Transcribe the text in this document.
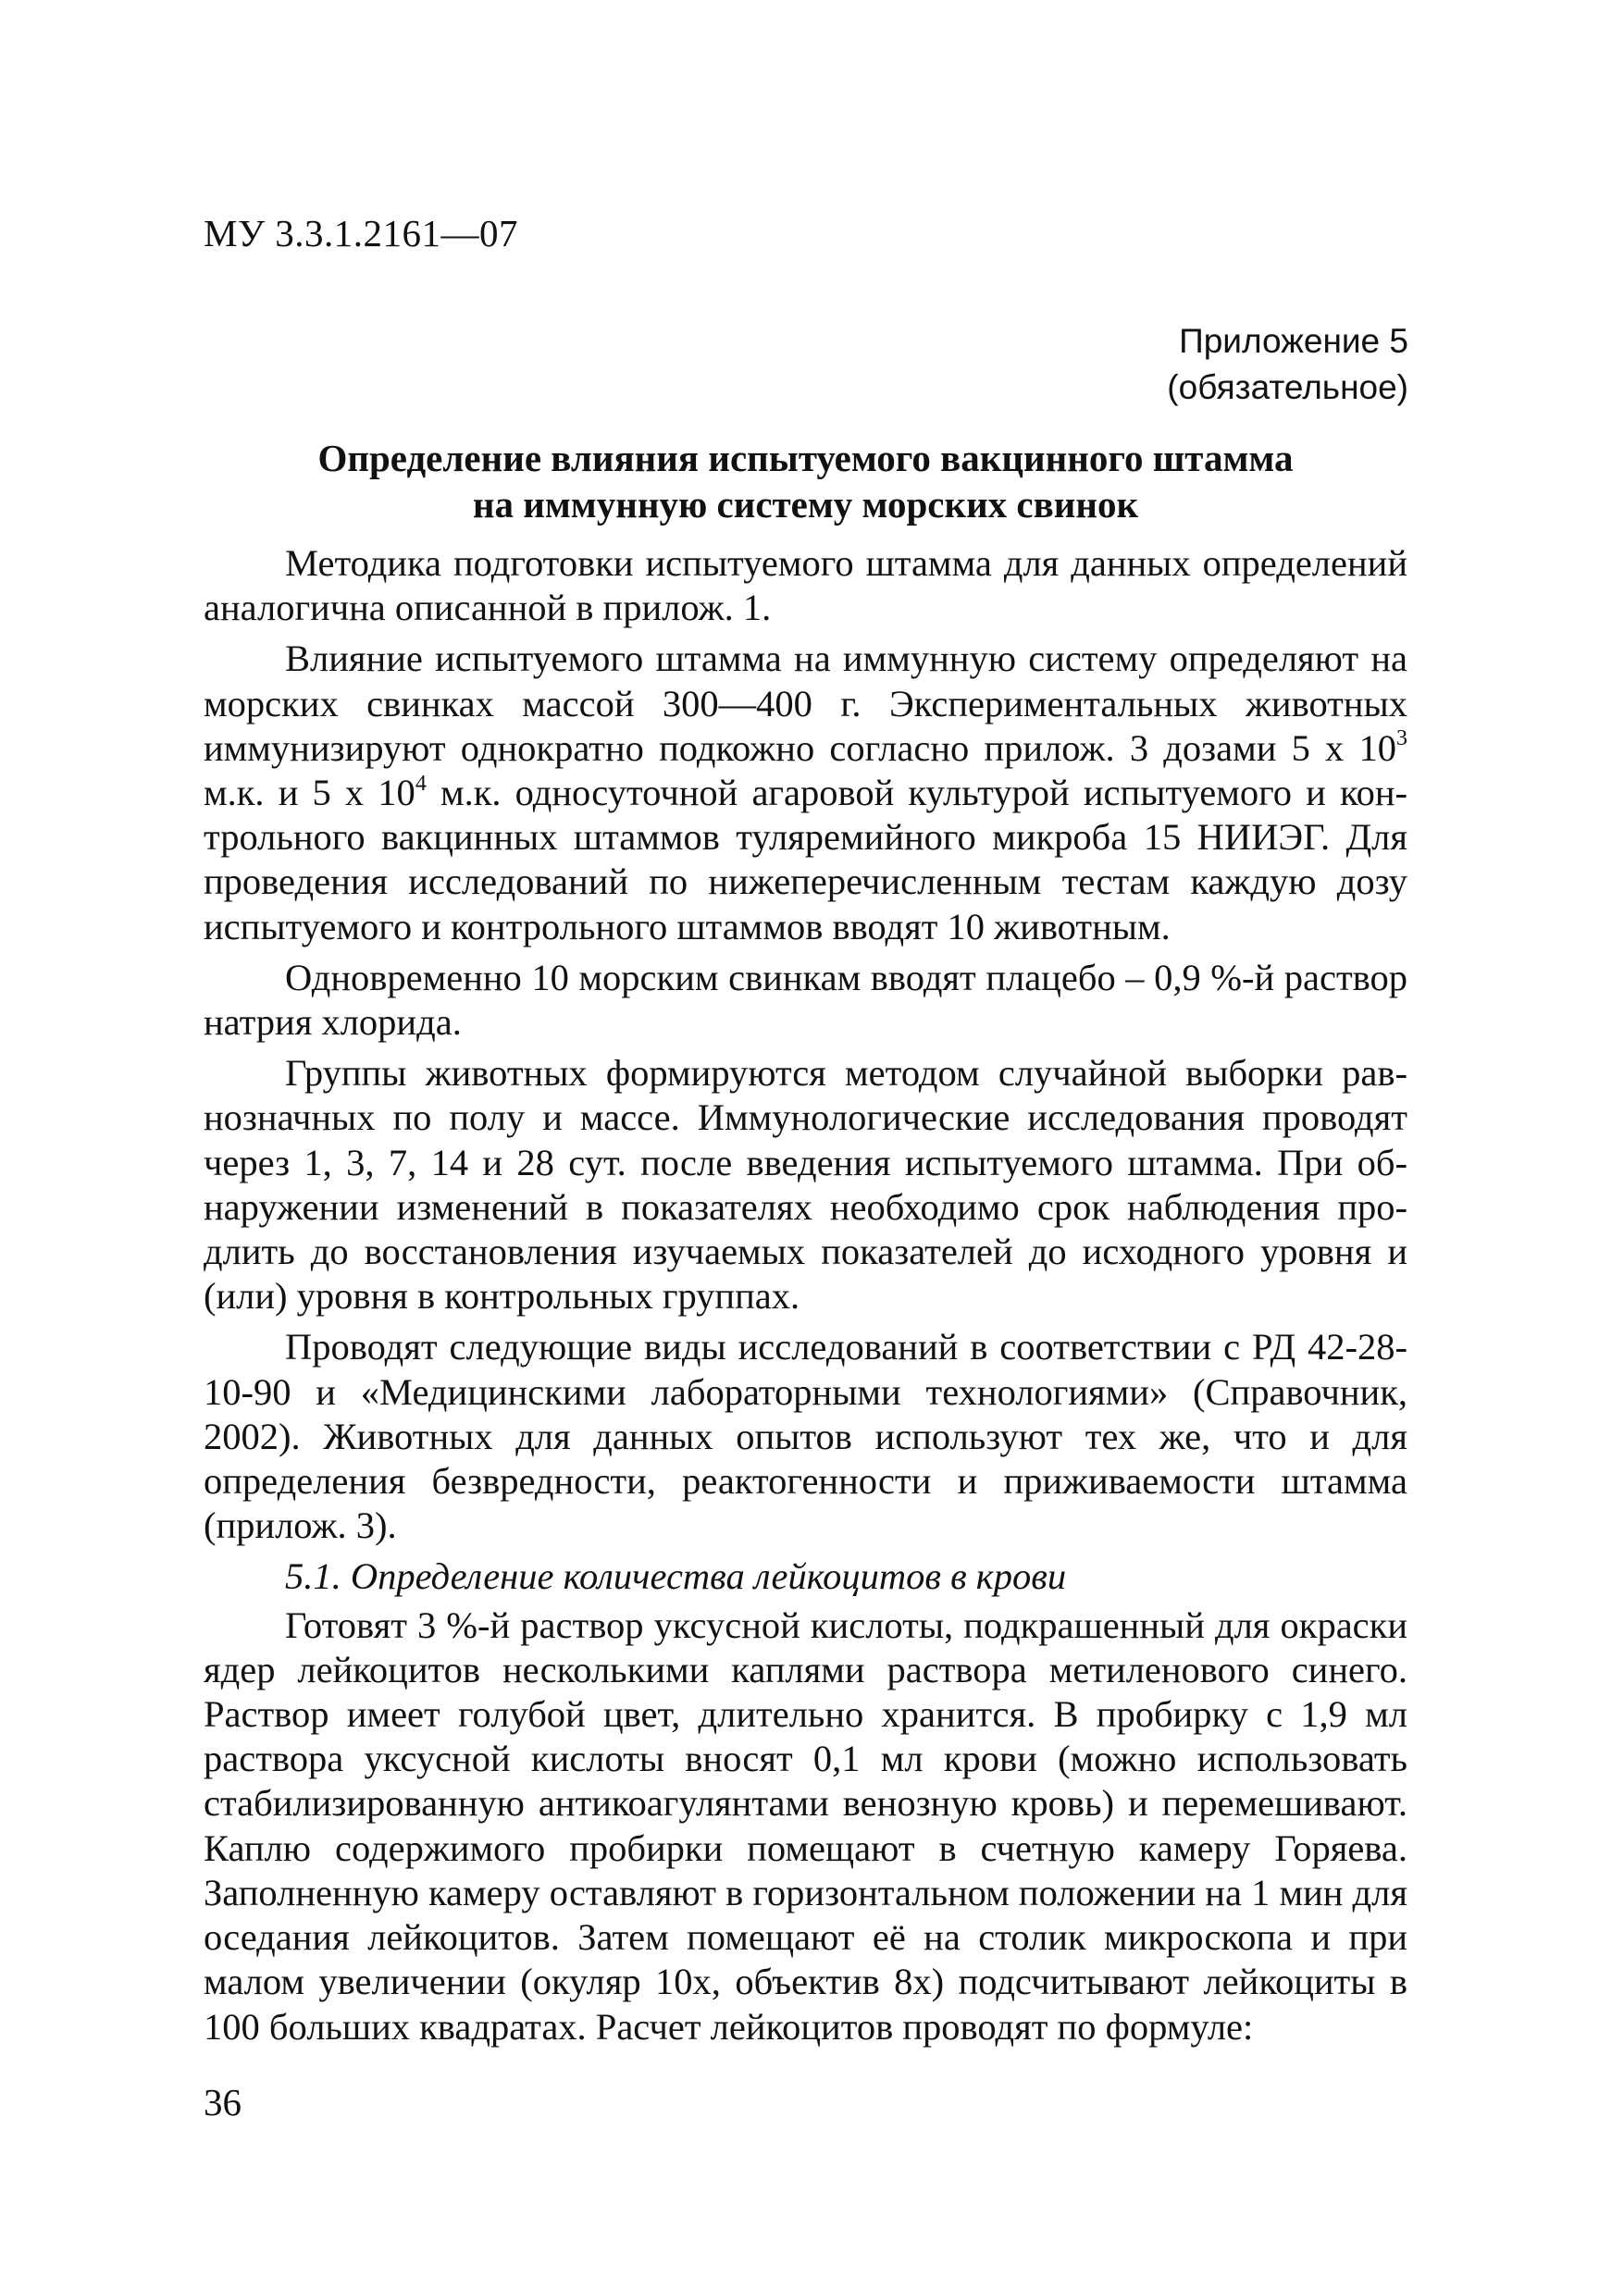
МУ 3.3.1.2161—07
Приложение 5
(обязательное)
Определение влияния испытуемого вакцинного штамма
на иммунную систему морских свинок

Методика подготовки испытуемого штамма для данных определений аналогична описанной в прилож. 1.

Влияние испытуемого штамма на иммунную систему определяют на морских свинках массой 300—400 г. Экспериментальных животных иммунизируют однократно подкожно согласно прилож. 3 дозами 5 х $10^3$ м.к. и 5 х $10^4$ м.к. односуточной агаровой культурой испытуемого и контрольного вакцинных штаммов туляремийного микроба 15 НИИЭГ. Для проведения исследований по нижеперечисленным тестам каждую дозу испытуемого и контрольного штаммов вводят 10 животным.

Одновременно 10 морским свинкам вводят плацебо – 0,9 %-й раствор натрия хлорида.

Группы животных формируются методом случайной выборки равнозначных по полу и массе. Иммунологические исследования проводят через 1, 3, 7, 14 и 28 сут. после введения испытуемого штамма. При обнаружении изменений в показателях необходимо срок наблюдения продлить до восстановления изучаемых показателей до исходного уровня и (или) уровня в контрольных группах.

Проводят следующие виды исследований в соответствии с РД 42-28-10-90 и «Медицинскими лабораторными технологиями» (Справочник, 2002). Животных для данных опытов используют тех же, что и для определения безвредности, реактогенности и приживаемости штамма (прилож. 3).

5.1. Определение количества лейкоцитов в крови

Готовят 3 %-й раствор уксусной кислоты, подкрашенный для окраски ядер лейкоцитов несколькими каплями раствора метиленового синего. Раствор имеет голубой цвет, длительно хранится. В пробирку с 1,9 мл раствора уксусной кислоты вносят 0,1 мл крови (можно использовать стабилизированную антикоагулянтами венозную кровь) и перемешивают. Каплю содержимого пробирки помещают в счетную камеру Горяева. Заполненную камеру оставляют в горизонтальном положении на 1 мин для оседания лейкоцитов. Затем помещают её на столик микроскопа и при малом увеличении (окуляр 10х, объектив 8х) подсчитывают лейкоциты в 100 больших квадратах. Расчет лейкоцитов проводят по формуле:

36
